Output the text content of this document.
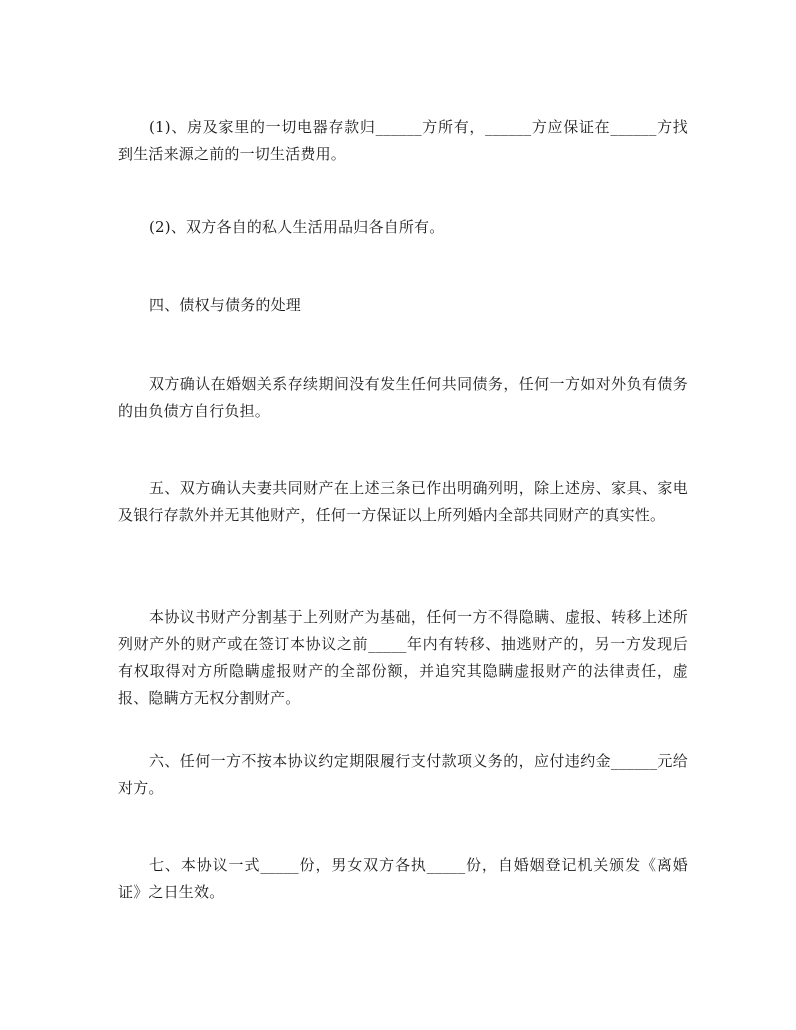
(1)、房及家里的一切电器存款归______方所有，______方应保证在______方找到生活来源之前的一切生活费用。

(2)、双方各自的私人生活用品归各自所有。

四、债权与债务的处理

双方确认在婚姻关系存续期间没有发生任何共同债务，任何一方如对外负有债务的由负债方自行负担。

五、双方确认夫妻共同财产在上述三条已作出明确列明，除上述房、家具、家电及银行存款外并无其他财产，任何一方保证以上所列婚内全部共同财产的真实性。

本协议书财产分割基于上列财产为基础，任何一方不得隐瞒、虚报、转移上述所列财产外的财产或在签订本协议之前_____年内有转移、抽逃财产的，另一方发现后有权取得对方所隐瞒虚报财产的全部份额，并追究其隐瞒虚报财产的法律责任，虚报、隐瞒方无权分割财产。

六、任何一方不按本协议约定期限履行支付款项义务的，应付违约金______元给对方。

七、本协议一式_____份，男女双方各执_____份，自婚姻登记机关颁发《离婚证》之日生效。
